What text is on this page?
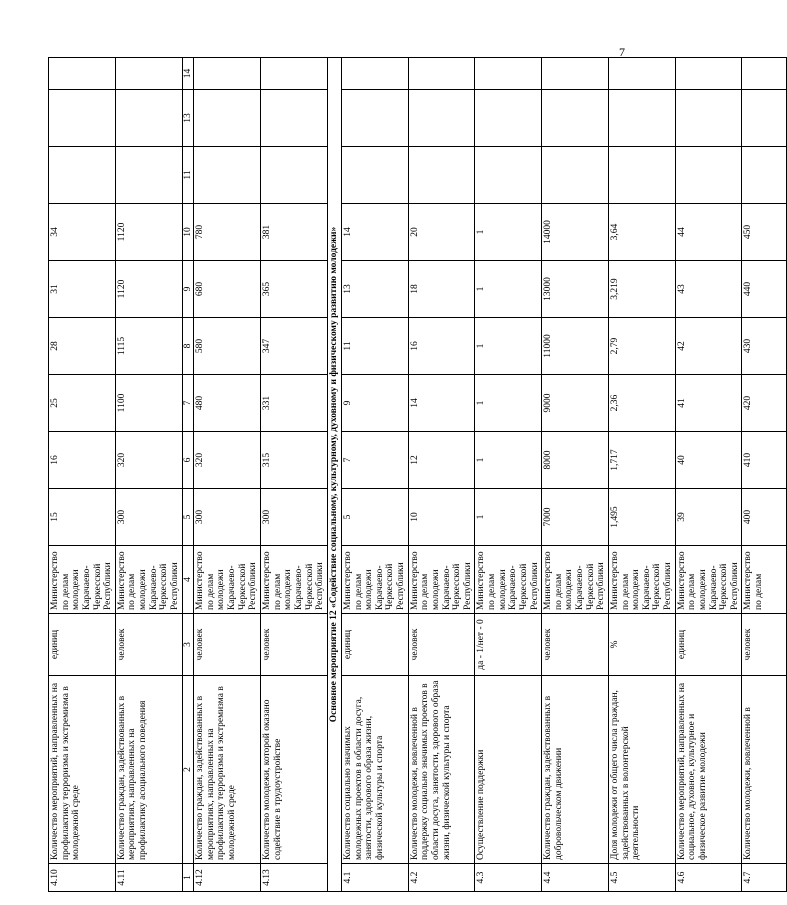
7
4.10	Количество мероприятий, направленных на профилактику терроризма и экстремизма в молодежной среде	единиц	Министерство по делам молодежи Карачаево-Черкесской Республики	15	16	25	28	31	34			
4.11	Количество граждан, задействованных в мероприятиях, направленных на профилактику асоциального поведения	человек	Министерство по делам молодежи Карачаево-Черкесской Республики	300	320	1100	1115	1120	1120			
1	2	3	4	5	6	7	8	9	10	11	13	14
4.12	Количество граждан, задействованных в мероприятиях, направленных на профилактику терроризма и экстремизма в молодежной среде	человек	Министерство по делам молодежи Карачаево-Черкесской Республики	300	320	480	580	680	780			
4.13	Количество молодежи, которой оказано содействие в трудоустройстве	человек	Министерство по делам молодежи Карачаево-Черкесской Республики	300	315	331	347	365	381			
Основное мероприятие 12 «Содействие социальному, культурному, духовному и физическому развитию молодежи»												
4.1	Количество социально значимых молодежных проектов в области досуга, занятости, здорового образа жизни, физической культуры и спорта	единиц	Министерство по делам молодежи Карачаево-Черкесской Республики	5	7	9	11	13	14			
4.2	Количество молодежи, вовлеченной в поддержку социально значимых проектов в области досуга, занятости, здорового образа жизни, физической культуры и спорта	человек	Министерство по делам молодежи Карачаево-Черкесской Республики	10	12	14	16	18	20			
4.3	Осуществление поддержки	да - 1/нет - 0	Министерство по делам молодежи Карачаево-Черкесской Республики	1	1	1	1	1	1			
4.4	Количество граждан, задействованных в добровольческом движении	человек	Министерство по делам молодежи Карачаево-Черкесской Республики	7000	8000	9000	11000	13000	14000			
4.5	Доля молодежи от общего числа граждан, задействованных в волонтерской деятельности	%	Министерство по делам молодежи Карачаево-Черкесской Республики	1,495	1,717	2,36	2,79	3,219	3,64			
4.6	Количество мероприятий, направленных на социальное, духовное, культурное и физическое развитие молодежи	единиц	Министерство по делам молодежи Карачаево-Черкесской Республики	39	40	41	42	43	44			
4.7	Количество молодежи, вовлеченной в	человек	Министерство по делам	400	410	420	430	440	450			
